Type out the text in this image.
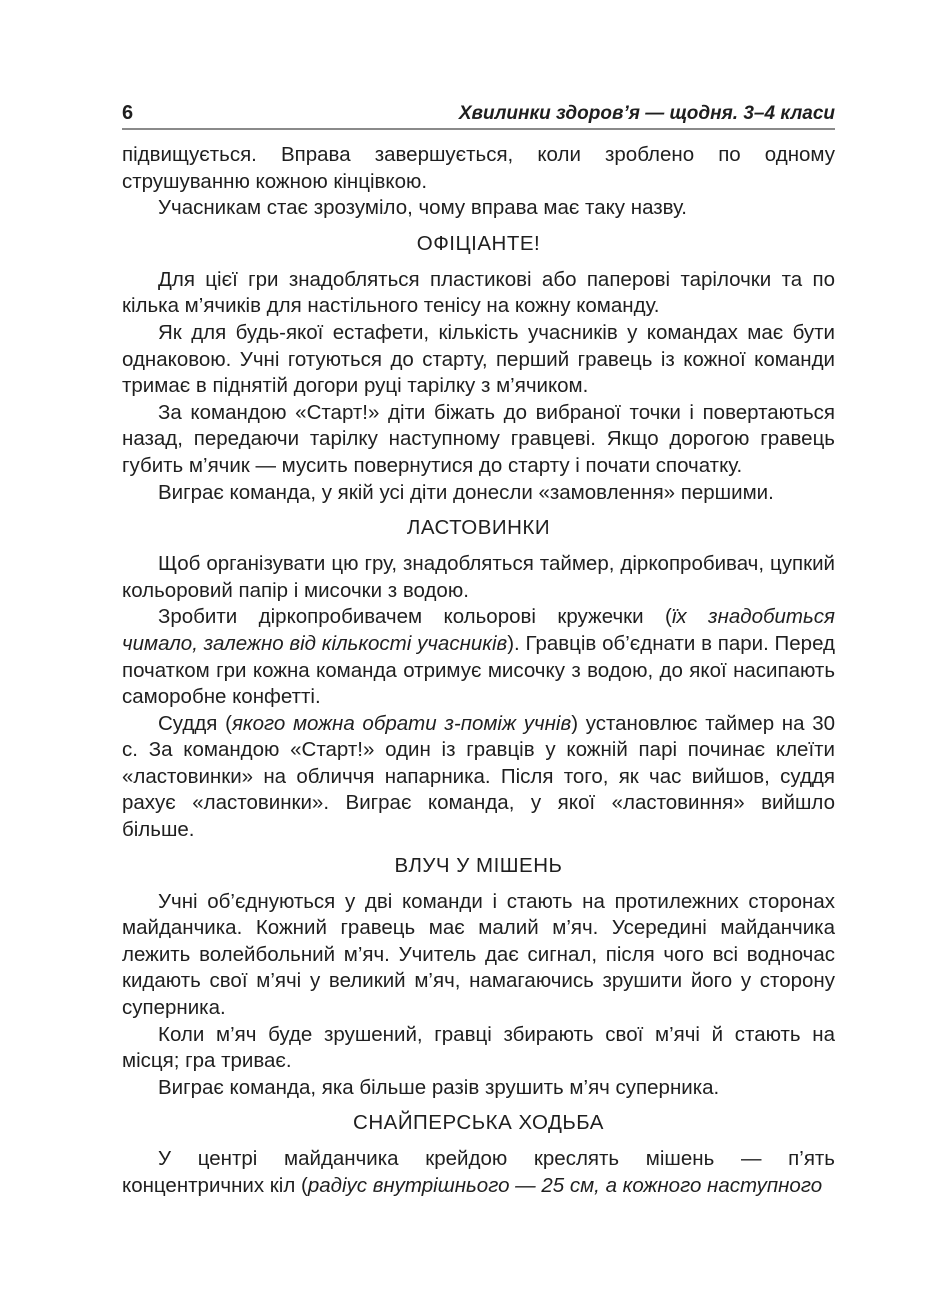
6	Хвилинки здоров’я — щодня. 3–4 класи

підвищується. Вправа завершується, коли зроблено по одному струшуванню кожною кінцівкою.

Учасникам стає зрозуміло, чому вправа має таку назву.

ОФІЦІАНТЕ!

Для цієї гри знадобляться пластикові або паперові тарілочки та по кілька м’ячиків для настільного тенісу на кожну команду.

Як для будь-якої естафети, кількість учасників у командах має бути однаковою. Учні готуються до старту, перший гравець із кожної команди тримає в піднятій догори руці тарілку з м’ячиком.

За командою «Старт!» діти біжать до вибраної точки і повертаються назад, передаючи тарілку наступному гравцеві. Якщо дорогою гравець губить м’ячик — мусить повернутися до старту і почати спочатку.

Виграє команда, у якій усі діти донесли «замовлення» першими.

ЛАСТОВИНКИ

Щоб організувати цю гру, знадобляться таймер, діркопробивач, цупкий кольоровий папір і мисочки з водою.

Зробити діркопробивачем кольорові кружечки (їх знадобиться чимало, залежно від кількості учасників). Гравців об’єднати в пари. Перед початком гри кожна команда отримує мисочку з водою, до якої насипають саморобне конфетті.

Суддя (якого можна обрати з-поміж учнів) установлює таймер на 30 с. За командою «Старт!» один із гравців у кожній парі починає клеїти «ластовинки» на обличчя напарника. Після того, як час вийшов, суддя рахує «ластовинки». Виграє команда, у якої «ластовиння» вийшло більше.

ВЛУЧ У МІШЕНЬ

Учні об’єднуються у дві команди і стають на протилежних сторонах майданчика. Кожний гравець має малий м’яч. Усередині майданчика лежить волейбольний м’яч. Учитель дає сигнал, після чого всі водночас кидають свої м’ячі у великий м’яч, намагаючись зрушити його у сторону суперника.

Коли м’яч буде зрушений, гравці збирають свої м’ячі й стають на місця; гра триває.

Виграє команда, яка більше разів зрушить м’яч суперника.

СНАЙПЕРСЬКА ХОДЬБА

У центрі майданчика крейдою креслять мішень — п’ять концентричних кіл (радіус внутрішнього — 25 см, а кожного наступного
